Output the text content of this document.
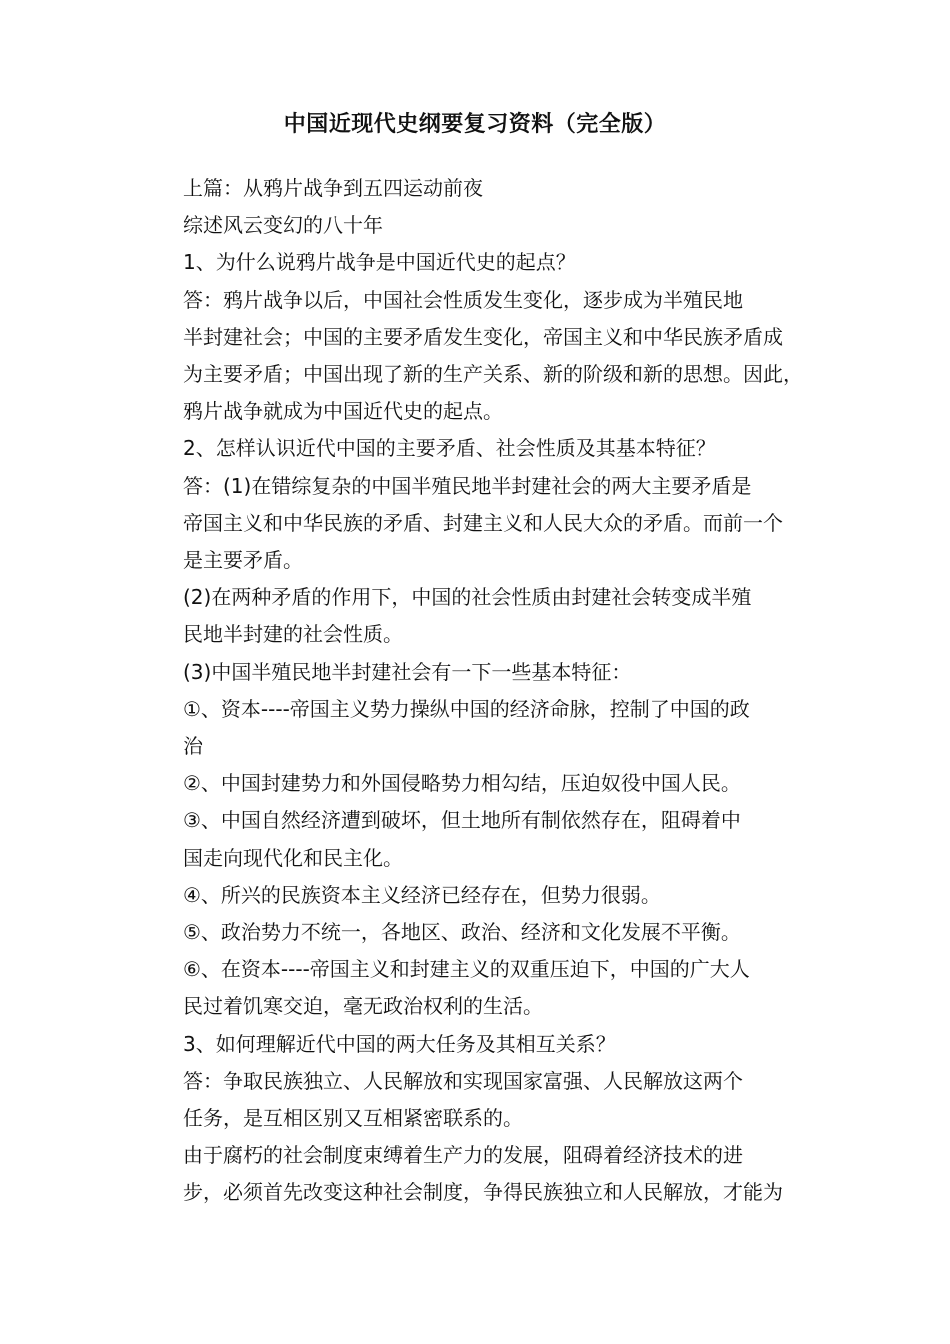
中国近现代史纲要复习资料（完全版）

上篇：从鸦片战争到五四运动前夜

综述风云变幻的八十年

1、为什么说鸦片战争是中国近代史的起点？

答：鸦片战争以后，中国社会性质发生变化，逐步成为半殖民地
半封建社会；中国的主要矛盾发生变化，帝国主义和中华民族矛盾成
为主要矛盾；中国出现了新的生产关系、新的阶级和新的思想。因此，
鸦片战争就成为中国近代史的起点。

2、怎样认识近代中国的主要矛盾、社会性质及其基本特征？

答：(1)在错综复杂的中国半殖民地半封建社会的两大主要矛盾是
帝国主义和中华民族的矛盾、封建主义和人民大众的矛盾。而前一个
是主要矛盾。

(2)在两种矛盾的作用下，中国的社会性质由封建社会转变成半殖
民地半封建的社会性质。

(3)中国半殖民地半封建社会有一下一些基本特征：

①、资本----帝国主义势力操纵中国的经济命脉，控制了中国的政
治

②、中国封建势力和外国侵略势力相勾结，压迫奴役中国人民。

③、中国自然经济遭到破坏，但土地所有制依然存在，阻碍着中
国走向现代化和民主化。

④、所兴的民族资本主义经济已经存在，但势力很弱。

⑤、政治势力不统一，各地区、政治、经济和文化发展不平衡。

⑥、在资本----帝国主义和封建主义的双重压迫下，中国的广大人
民过着饥寒交迫，毫无政治权利的生活。

3、如何理解近代中国的两大任务及其相互关系？

答：争取民族独立、人民解放和实现国家富强、人民解放这两个
任务，是互相区别又互相紧密联系的。

由于腐朽的社会制度束缚着生产力的发展，阻碍着经济技术的进
步，必须首先改变这种社会制度，争得民族独立和人民解放，才能为
